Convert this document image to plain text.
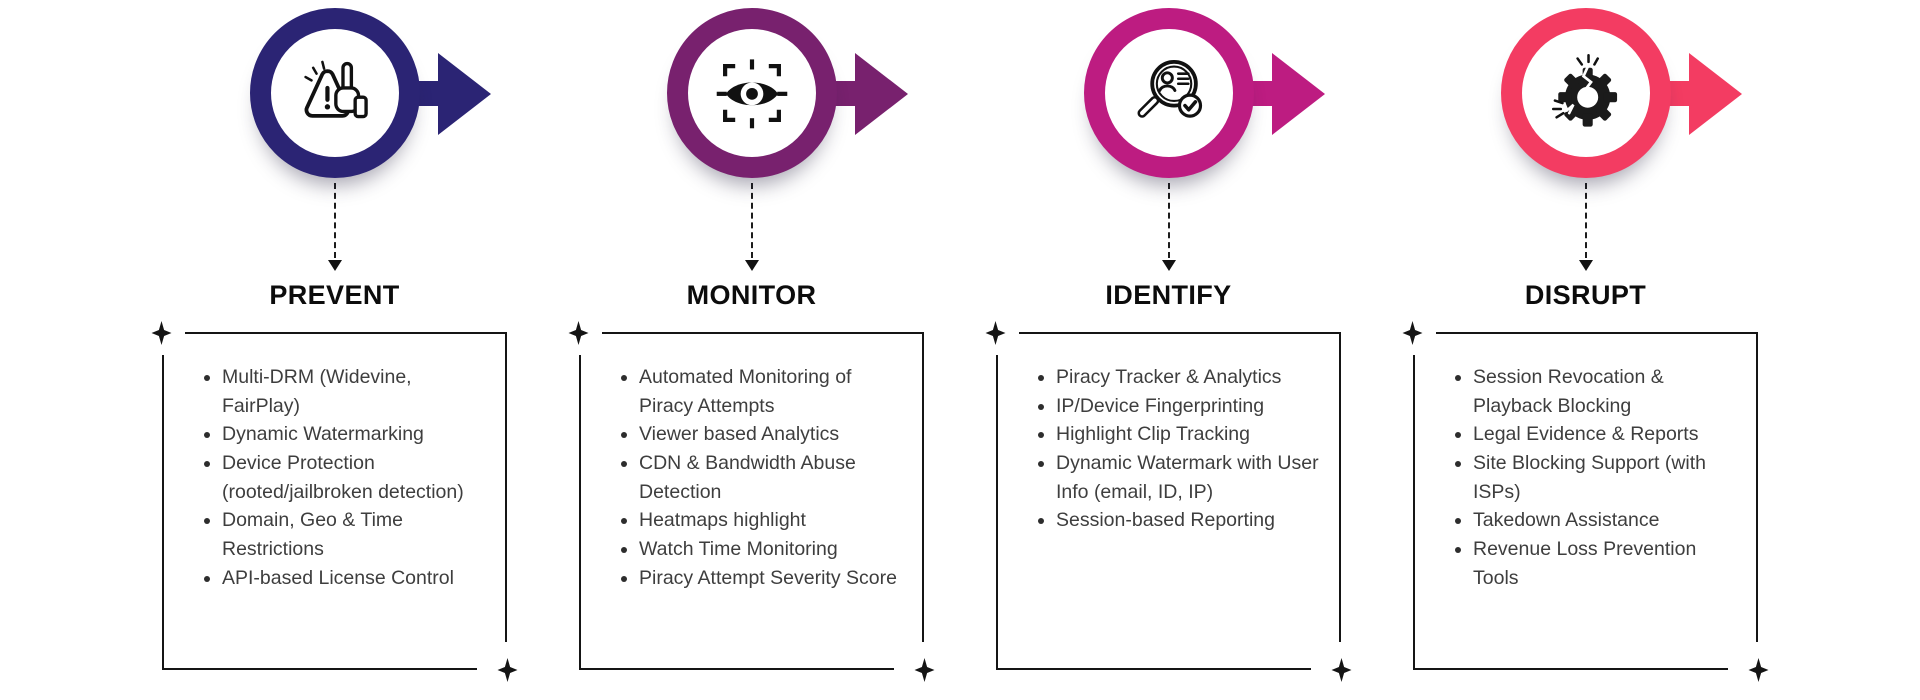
PREVENT
• Multi-DRM (Widevine, FairPlay)
• Dynamic Watermarking
• Device Protection (rooted/jailbroken detection)
• Domain, Geo & Time Restrictions
• API-based License Control
MONITOR
• Automated Monitoring of Piracy Attempts
• Viewer based Analytics
• CDN & Bandwidth Abuse Detection
• Heatmaps highlight
• Watch Time Monitoring
• Piracy Attempt Severity Score
IDENTIFY
• Piracy Tracker & Analytics
• IP/Device Fingerprinting
• Highlight Clip Tracking
• Dynamic Watermark with User Info (email, ID, IP)
• Session-based Reporting
DISRUPT
• Session Revocation & Playback Blocking
• Legal Evidence & Reports
• Site Blocking Support (with ISPs)
• Takedown Assistance
• Revenue Loss Prevention Tools
